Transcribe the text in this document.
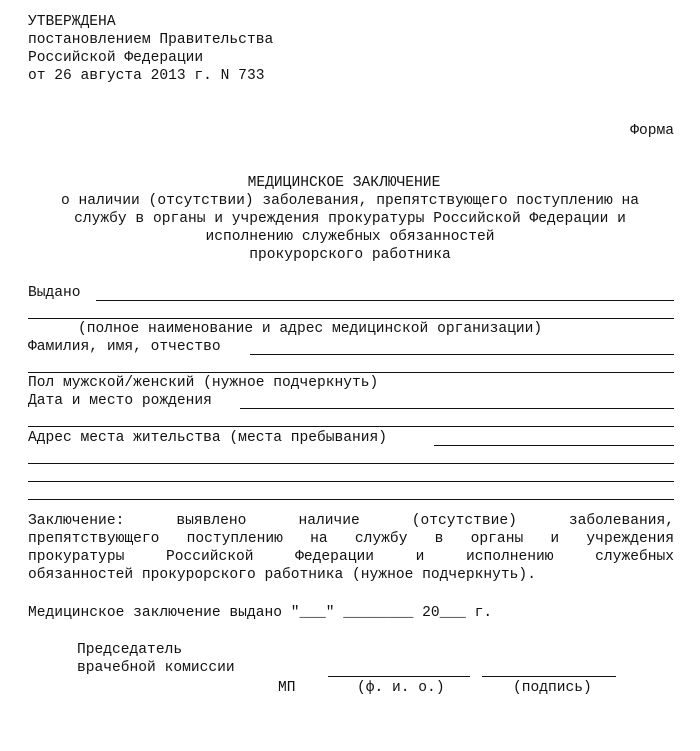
УТВЕРЖДЕНА
постановлением Правительства
Российской Федерации
от 26 августа 2013 г. N 733
Форма
МЕДИЦИНСКОЕ ЗАКЛЮЧЕНИЕ
о наличии (отсутствии) заболевания, препятствующего поступлению на
службу в органы и учреждения прокуратуры Российской Федерации и
исполнению служебных обязанностей
прокурорского работника
Выдано
(полное наименование и адрес медицинской организации)
Фамилия, имя, отчество
Пол мужской/женский (нужное подчеркнуть)
Дата и место рождения
Адрес места жительства (места пребывания)
Заключение: выявлено наличие (отсутствие) заболевания,
препятствующего поступлению на службу в органы и учреждения
прокуратуры Российской Федерации и исполнению служебных
обязанностей прокурорского работника (нужное подчеркнуть).
Медицинское заключение выдано "___" ________ 20___ г.
Председатель
врачебной комиссии
МП	(ф. и. о.)	(подпись)
